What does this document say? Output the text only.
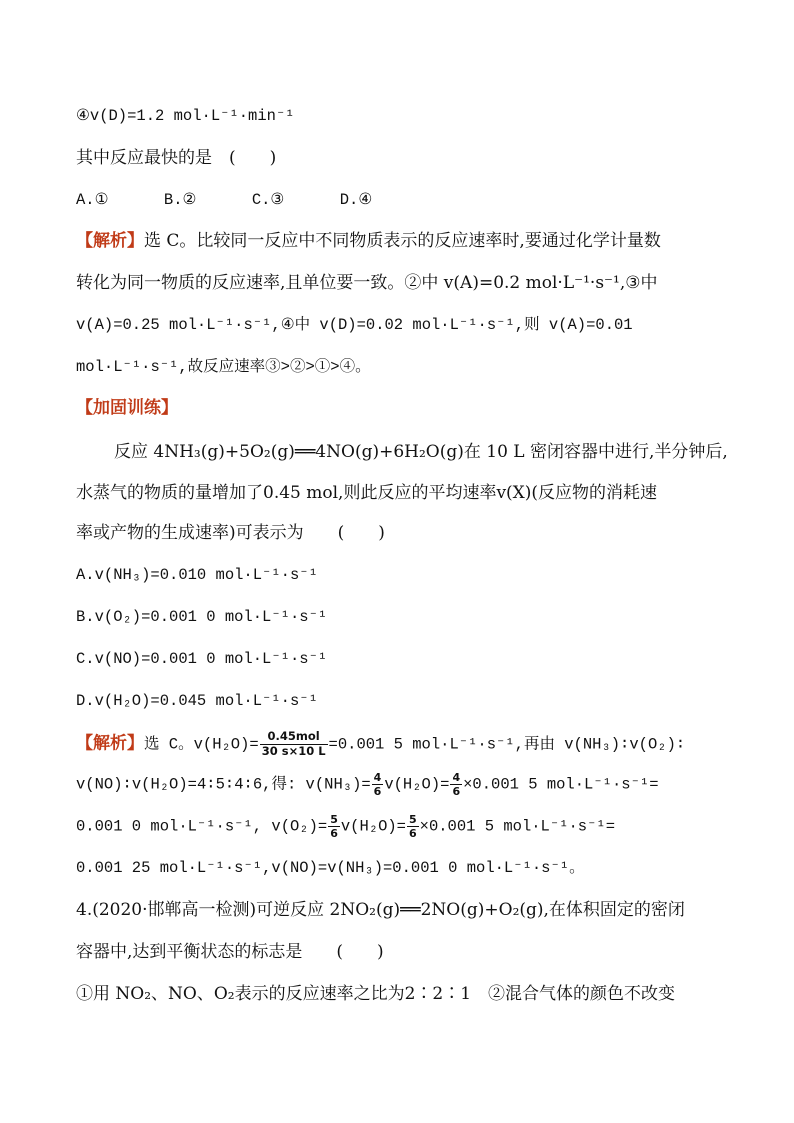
④v(D)=1.2 mol·L⁻¹·min⁻¹
其中反应最快的是　(　　)
A.①	B.②	C.③	D.④
【解析】选 C。比较同一反应中不同物质表示的反应速率时,要通过化学计量数
转化为同一物质的反应速率,且单位要一致。②中 v(A)=0.2 mol·L⁻¹·s⁻¹,③中
v(A)=0.25 mol·L⁻¹·s⁻¹,④中 v(D)=0.02 mol·L⁻¹·s⁻¹,则 v(A)=0.01
mol·L⁻¹·s⁻¹,故反应速率③>②>①>④。
【加固训练】
反应 4NH₃(g)+5O₂(g)══4NO(g)+6H₂O(g)在 10 L 密闭容器中进行,半分钟后,
水蒸气的物质的量增加了0.45 mol,则此反应的平均速率v(X)(反应物的消耗速
率或产物的生成速率)可表示为　　(　　)
A.v(NH₃)=0.010 mol·L⁻¹·s⁻¹
B.v(O₂)=0.001 0 mol·L⁻¹·s⁻¹
C.v(NO)=0.001 0 mol·L⁻¹·s⁻¹
D.v(H₂O)=0.045 mol·L⁻¹·s⁻¹
【解析】选 C。$v(H_2O)= \frac{\text{0.45mol}}{30 s\times 10 L} =0.001$ 5 mol·L⁻¹·s⁻¹,再由 v(NH₃)∶v(O₂)∶
v(NO)∶v(H₂O)=4∶5∶4∶6,得: $v(NH_3)= \frac{4}{6} v(H_2O)= \frac{4}{6} \times 0.001$ 5 mol·L⁻¹·s⁻¹=
0.001 0 mol·L⁻¹·s⁻¹, $v(O_2)= \frac{5}{6} v(H_2O)= \frac{5}{6} \times 0.001$ 5 mol·L⁻¹·s⁻¹=
0.001 25 mol·L⁻¹·s⁻¹,v(NO)=v(NH₃)=0.001 0 mol·L⁻¹·s⁻¹。
4.(2020·邯郸高一检测)可逆反应 2NO₂(g)══2NO(g)+O₂(g),在体积固定的密闭
容器中,达到平衡状态的标志是　　(　　)
①用 NO₂、NO、O₂表示的反应速率之比为2∶2∶1　②混合气体的颜色不改变
